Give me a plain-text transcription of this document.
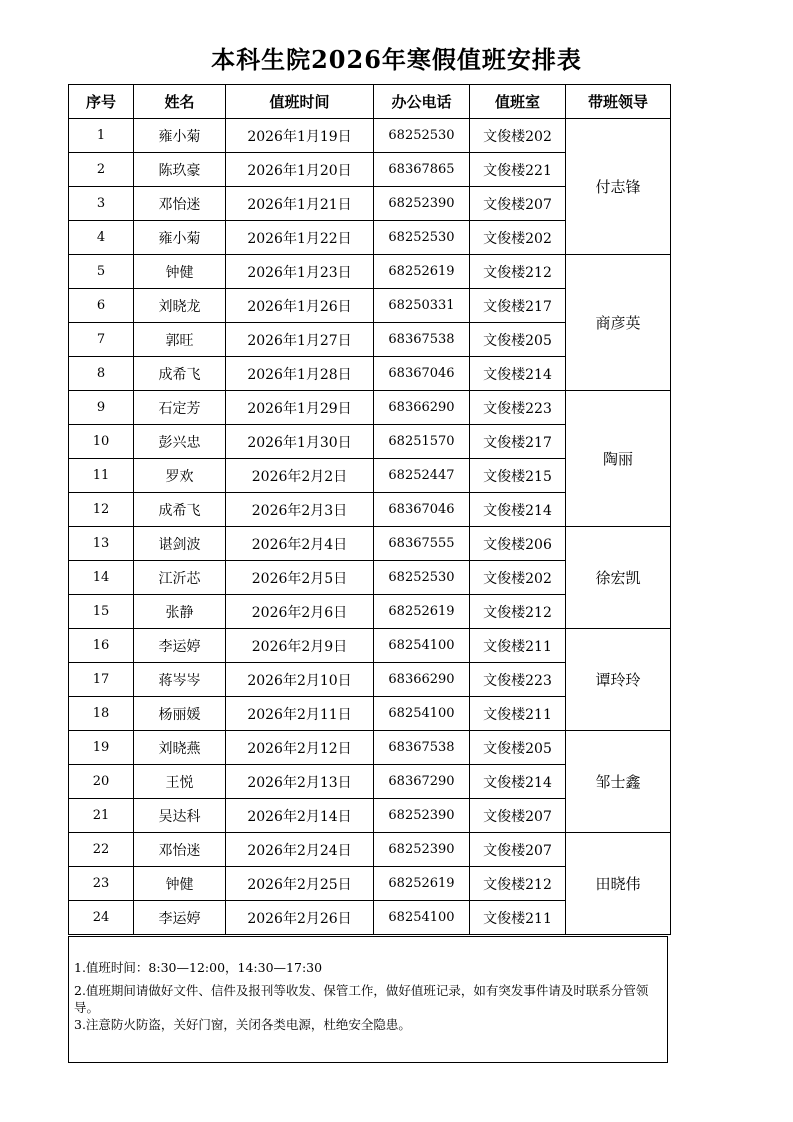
本科生院2026年寒假值班安排表
序号	姓名	值班时间	办公电话	值班室	带班领导
1	雍小菊	2026年1月19日	68252530	文俊楼202	付志锋
2	陈玖豪	2026年1月20日	68367865	文俊楼221	
3	邓怡迷	2026年1月21日	68252390	文俊楼207	
4	雍小菊	2026年1月22日	68252530	文俊楼202	
5	钟健	2026年1月23日	68252619	文俊楼212	商彦英
6	刘晓龙	2026年1月26日	68250331	文俊楼217	
7	郭旺	2026年1月27日	68367538	文俊楼205	
8	成希飞	2026年1月28日	68367046	文俊楼214	
9	石定芳	2026年1月29日	68366290	文俊楼223	陶丽
10	彭兴忠	2026年1月30日	68251570	文俊楼217	
11	罗欢	2026年2月2日	68252447	文俊楼215	
12	成希飞	2026年2月3日	68367046	文俊楼214	
13	谌剑波	2026年2月4日	68367555	文俊楼206	徐宏凯
14	江沂芯	2026年2月5日	68252530	文俊楼202	
15	张静	2026年2月6日	68252619	文俊楼212	
16	李运婷	2026年2月9日	68254100	文俊楼211	谭玲玲
17	蒋岑岑	2026年2月10日	68366290	文俊楼223	
18	杨丽媛	2026年2月11日	68254100	文俊楼211	
19	刘晓燕	2026年2月12日	68367538	文俊楼205	邹士鑫
20	王悦	2026年2月13日	68367290	文俊楼214	
21	吴达科	2026年2月14日	68252390	文俊楼207	
22	邓怡迷	2026年2月24日	68252390	文俊楼207	田晓伟
23	钟健	2026年2月25日	68252619	文俊楼212	
24	李运婷	2026年2月26日	68254100	文俊楼211	

1.值班时间：8:30—12:00，14:30—17:30

2.值班期间请做好文件、信件及报刊等收发、保管工作，做好值班记录，如有突发事件请及时联系分管领导。

3.注意防火防盗，关好门窗，关闭各类电源，杜绝安全隐患。
